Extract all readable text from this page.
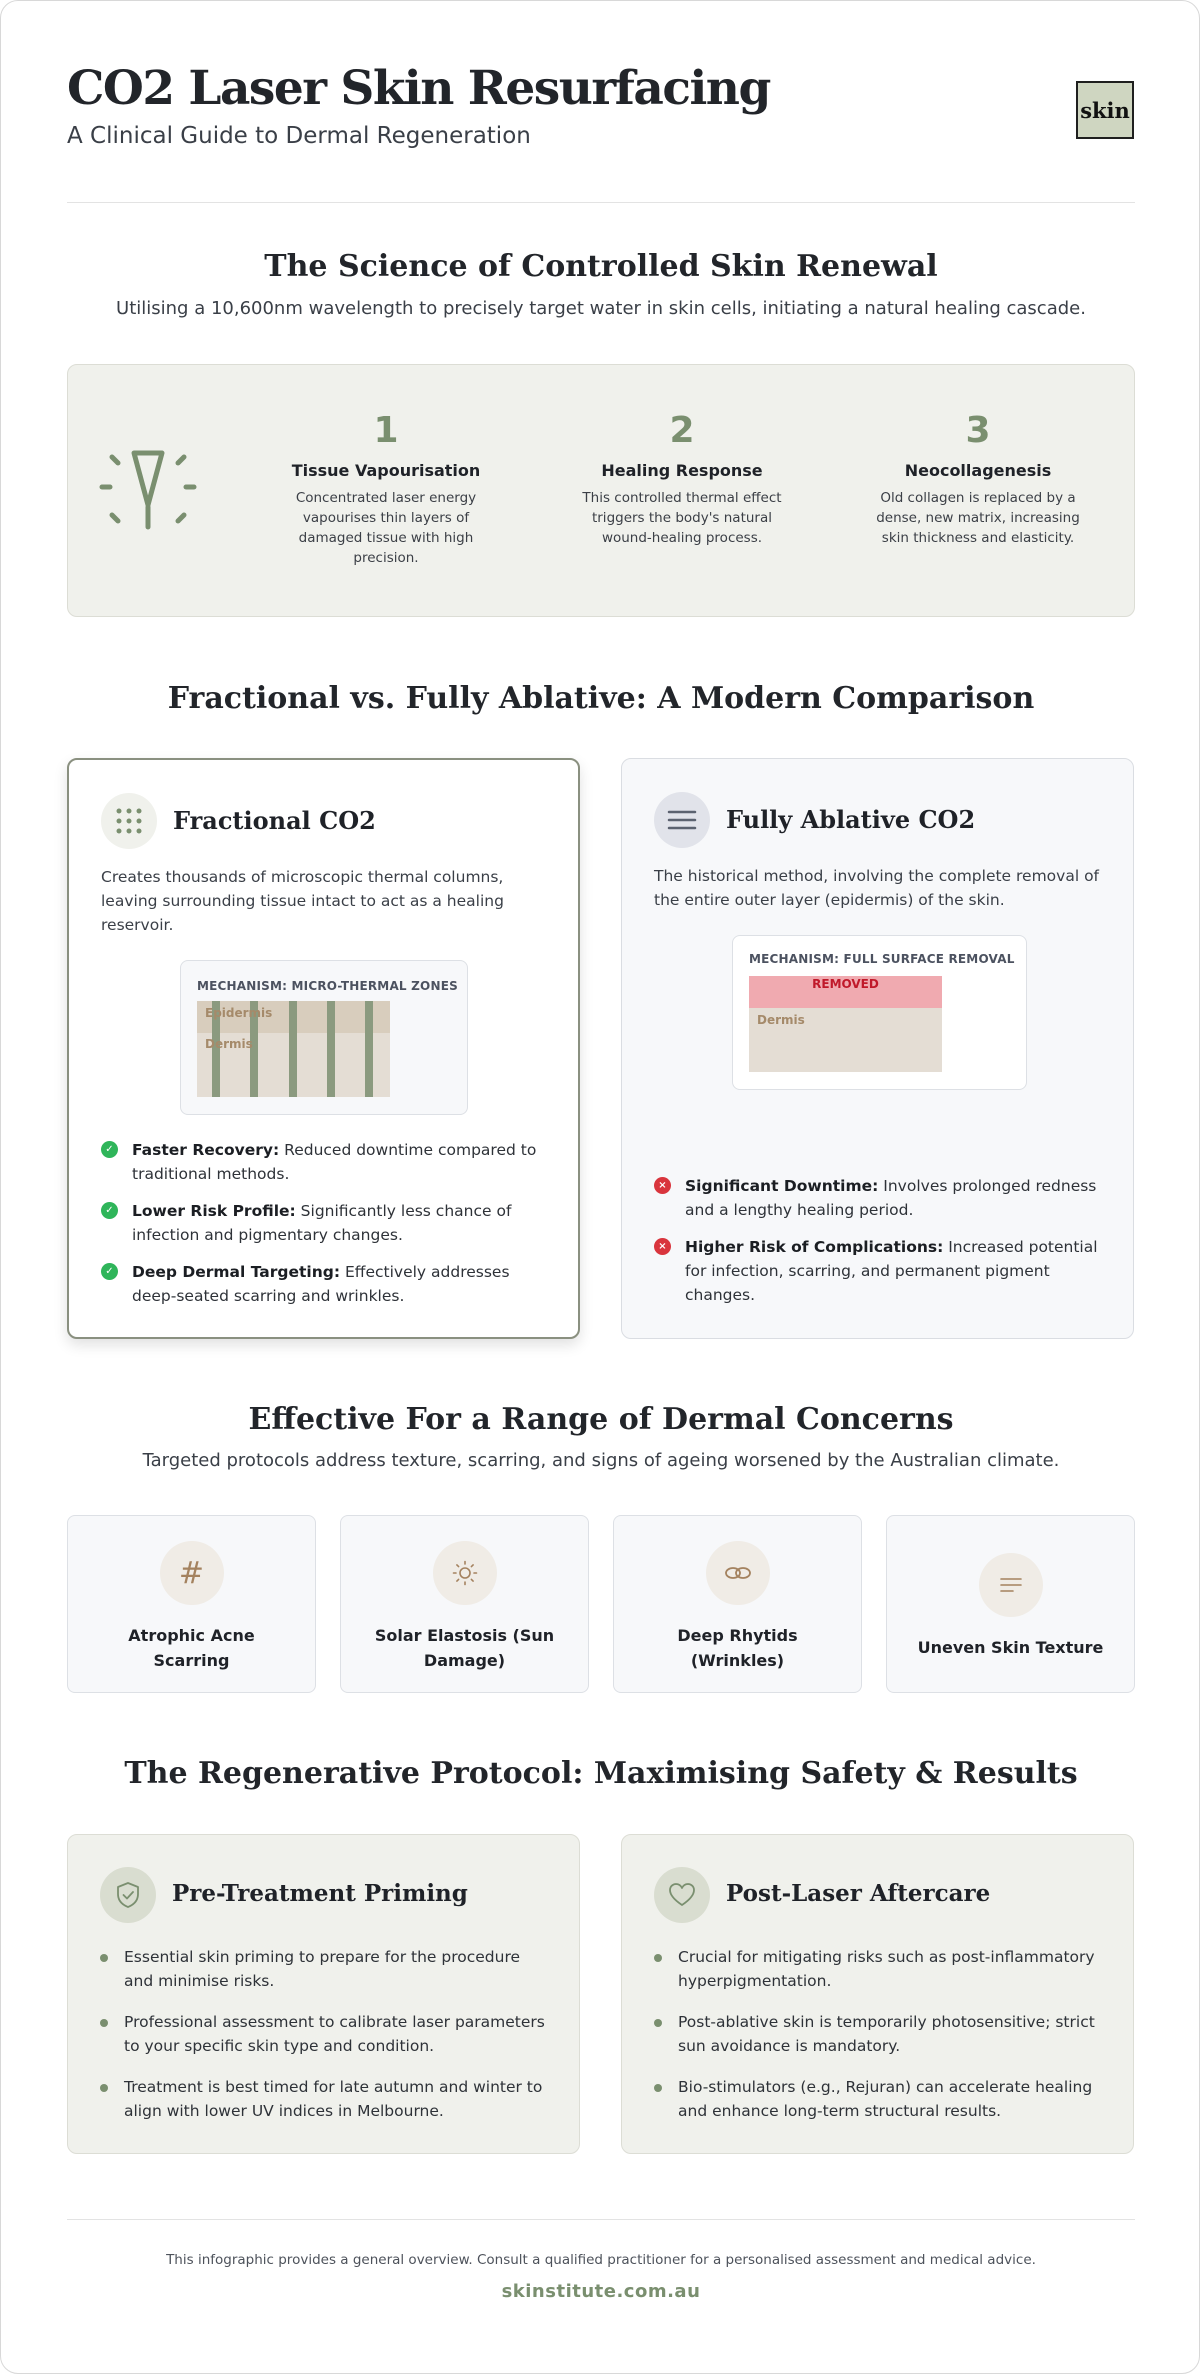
CO2 Laser Skin Resurfacing
A Clinical Guide to Dermal Regeneration
skin
The Science of Controlled Skin Renewal
Utilising a 10,600nm wavelength to precisely target water in skin cells, initiating a natural healing cascade.
1
Tissue Vapourisation
Concentrated laser energy vapourises thin layers of damaged tissue with high precision.
2
Healing Response
This controlled thermal effect triggers the body's natural wound-healing process.
3
Neocollagenesis
Old collagen is replaced by a dense, new matrix, increasing skin thickness and elasticity.
Fractional vs. Fully Ablative: A Modern Comparison
Fractional CO2
Creates thousands of microscopic thermal columns, leaving surrounding tissue intact to act as a healing reservoir.
MECHANISM: MICRO-THERMAL ZONES
Epidermis
Dermis
✓ Faster Recovery: Reduced downtime compared to traditional methods.
✓ Lower Risk Profile: Significantly less chance of infection and pigmentary changes.
✓ Deep Dermal Targeting: Effectively addresses deep-seated scarring and wrinkles.
Fully Ablative CO2
The historical method, involving the complete removal of the entire outer layer (epidermis) of the skin.
MECHANISM: FULL SURFACE REMOVAL
REMOVED
Dermis
× Significant Downtime: Involves prolonged redness and a lengthy healing period.
× Higher Risk of Complications: Increased potential for infection, scarring, and permanent pigment changes.
Effective For a Range of Dermal Concerns
Targeted protocols address texture, scarring, and signs of ageing worsened by the Australian climate.
#
Atrophic Acne
Scarring
Solar Elastosis (Sun
Damage)
Deep Rhytids
(Wrinkles)
Uneven Skin Texture
The Regenerative Protocol: Maximising Safety & Results
Pre-Treatment Priming
Essential skin priming to prepare for the procedure and minimise risks.
Professional assessment to calibrate laser parameters to your specific skin type and condition.
Treatment is best timed for late autumn and winter to align with lower UV indices in Melbourne.
Post-Laser Aftercare
Crucial for mitigating risks such as post-inflammatory hyperpigmentation.
Post-ablative skin is temporarily photosensitive; strict sun avoidance is mandatory.
Bio-stimulators (e.g., Rejuran) can accelerate healing and enhance long-term structural results.
This infographic provides a general overview. Consult a qualified practitioner for a personalised assessment and medical advice.
skinstitute.com.au
